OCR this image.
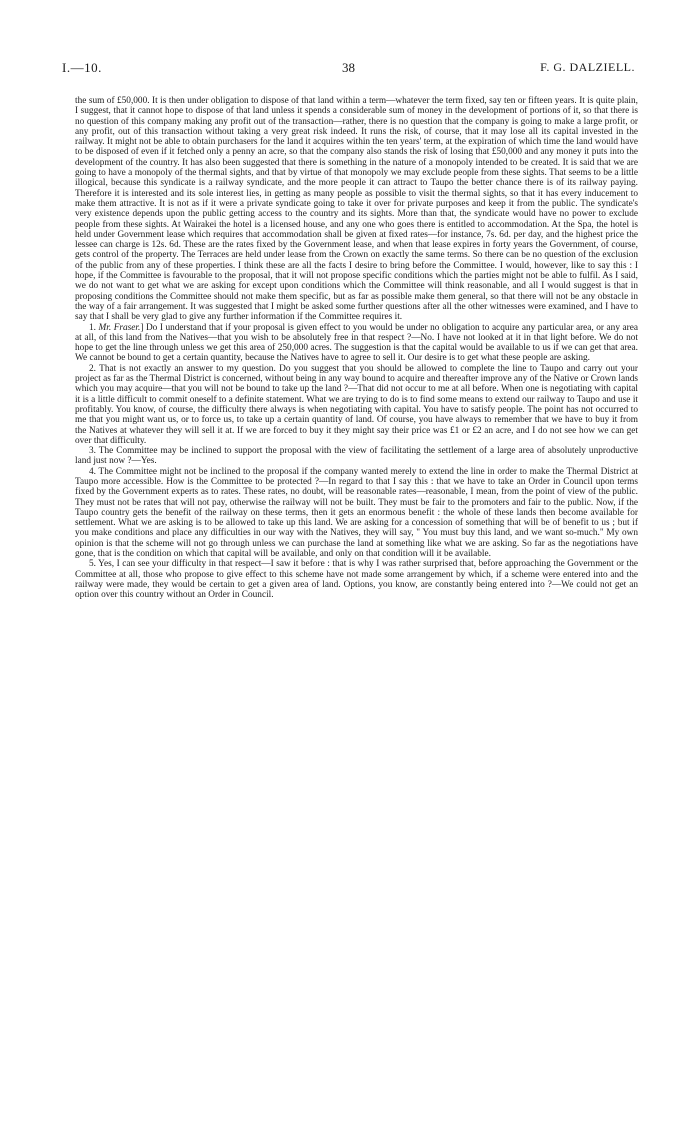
I.—10.	38	F. G. DALZIELL.

the sum of £50,000. It is then under obligation to dispose of that land within a term—whatever the term fixed, say ten or fifteen years. It is quite plain, I suggest, that it cannot hope to dispose of that land unless it spends a considerable sum of money in the development of portions of it, so that there is no question of this company making any profit out of the transaction—rather, there is no question that the company is going to make a large profit, or any profit, out of this transaction without taking a very great risk indeed. It runs the risk, of course, that it may lose all its capital invested in the railway. It might not be able to obtain purchasers for the land it acquires within the ten years' term, at the expiration of which time the land would have to be disposed of even if it fetched only a penny an acre, so that the company also stands the risk of losing that £50,000 and any money it puts into the development of the country. It has also been suggested that there is something in the nature of a monopoly intended to be created. It is said that we are going to have a monopoly of the thermal sights, and that by virtue of that monopoly we may exclude people from these sights. That seems to be a little illogical, because this syndicate is a railway syndicate, and the more people it can attract to Taupo the better chance there is of its railway paying. Therefore it is interested and its sole interest lies, in getting as many people as possible to visit the thermal sights, so that it has every inducement to make them attractive. It is not as if it were a private syndicate going to take it over for private purposes and keep it from the public. The syndicate's very existence depends upon the public getting access to the country and its sights. More than that, the syndicate would have no power to exclude people from these sights. At Wairakei the hotel is a licensed house, and any one who goes there is entitled to accommodation. At the Spa, the hotel is held under Government lease which requires that accommodation shall be given at fixed rates—for instance, 7s. 6d. per day, and the highest price the lessee can charge is 12s. 6d. These are the rates fixed by the Government lease, and when that lease expires in forty years the Government, of course, gets control of the property. The Terraces are held under lease from the Crown on exactly the same terms. So there can be no question of the exclusion of the public from any of these properties. I think these are all the facts I desire to bring before the Committee. I would, however, like to say this : I hope, if the Committee is favourable to the proposal, that it will not propose specific conditions which the parties might not be able to fulfil. As I said, we do not want to get what we are asking for except upon conditions which the Committee will think reasonable, and all I would suggest is that in proposing conditions the Committee should not make them specific, but as far as possible make them general, so that there will not be any obstacle in the way of a fair arrangement. It was suggested that I might be asked some further questions after all the other witnesses were examined, and I have to say that I shall be very glad to give any further information if the Committee requires it.

1. Mr. Fraser.] Do I understand that if your proposal is given effect to you would be under no obligation to acquire any particular area, or any area at all, of this land from the Natives—that you wish to be absolutely free in that respect ?—No. I have not looked at it in that light before. We do not hope to get the line through unless we get this area of 250,000 acres. The suggestion is that the capital would be available to us if we can get that area. We cannot be bound to get a certain quantity, because the Natives have to agree to sell it. Our desire is to get what these people are asking.

2. That is not exactly an answer to my question. Do you suggest that you should be allowed to complete the line to Taupo and carry out your project as far as the Thermal District is concerned, without being in any way bound to acquire and thereafter improve any of the Native or Crown lands which you may acquire—that you will not be bound to take up the land ?—That did not occur to me at all before. When one is negotiating with capital it is a little difficult to commit oneself to a definite statement. What we are trying to do is to find some means to extend our railway to Taupo and use it profitably. You know, of course, the difficulty there always is when negotiating with capital. You have to satisfy people. The point has not occurred to me that you might want us, or to force us, to take up a certain quantity of land. Of course, you have always to remember that we have to buy it from the Natives at whatever they will sell it at. If we are forced to buy it they might say their price was £1 or £2 an acre, and I do not see how we can get over that difficulty.

3. The Committee may be inclined to support the proposal with the view of facilitating the settlement of a large area of absolutely unproductive land just now ?—Yes.

4. The Committee might not be inclined to the proposal if the company wanted merely to extend the line in order to make the Thermal District at Taupo more accessible. How is the Committee to be protected ?—In regard to that I say this : that we have to take an Order in Council upon terms fixed by the Government experts as to rates. These rates, no doubt, will be reasonable rates—reasonable, I mean, from the point of view of the public. They must not be rates that will not pay, otherwise the railway will not be built. They must be fair to the promoters and fair to the public. Now, if the Taupo country gets the benefit of the railway on these terms, then it gets an enormous benefit : the whole of these lands then become available for settlement. What we are asking is to be allowed to take up this land. We are asking for a concession of something that will be of benefit to us ; but if you make conditions and place any difficulties in our way with the Natives, they will say, " You must buy this land, and we want so-much." My own opinion is that the scheme will not go through unless we can purchase the land at something like what we are asking. So far as the negotiations have gone, that is the condition on which that capital will be available, and only on that condition will it be available.

5. Yes, I can see your difficulty in that respect—I saw it before : that is why I was rather surprised that, before approaching the Government or the Committee at all, those who propose to give effect to this scheme have not made some arrangement by which, if a scheme were entered into and the railway were made, they would be certain to get a given area of land. Options, you know, are constantly being entered into ?—We could not get an option over this country without an Order in Council.
